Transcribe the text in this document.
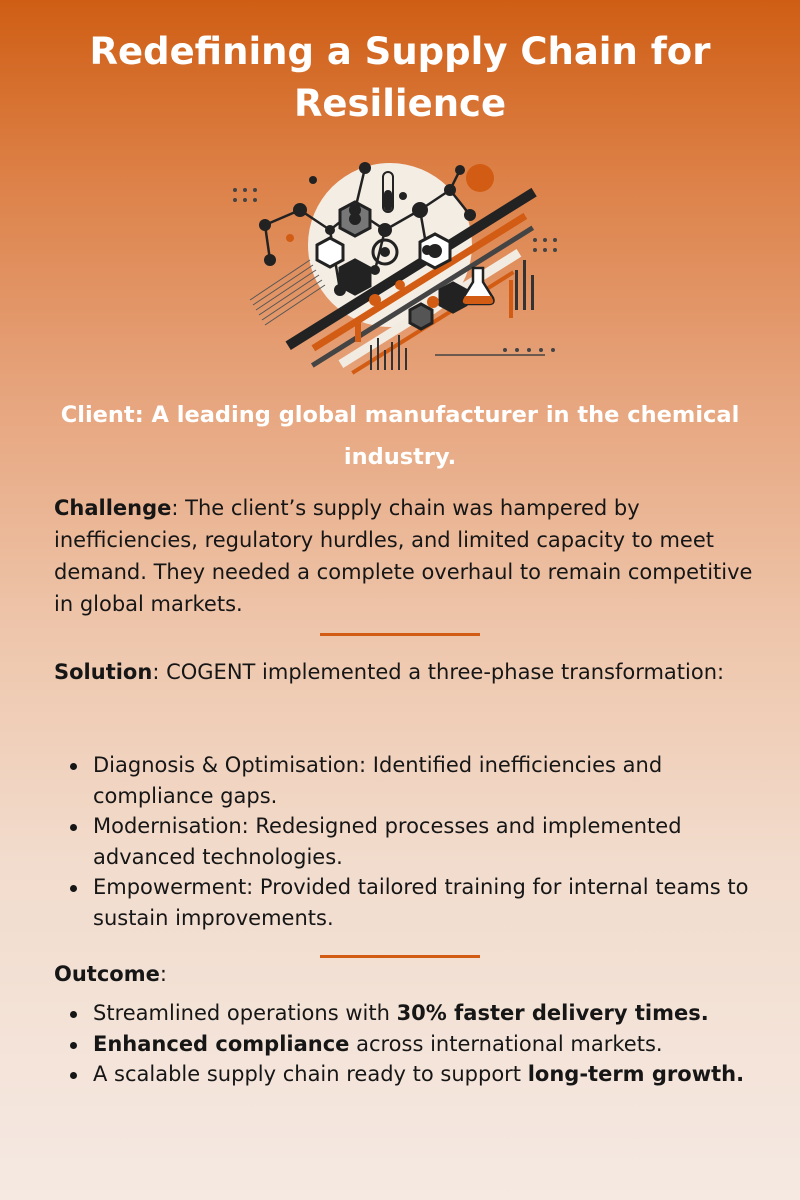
Redefining a Supply Chain for Resilience

Client: A leading global manufacturer in the chemical industry.

Challenge: The client’s supply chain was hampered by inefficiencies, regulatory hurdles, and limited capacity to meet demand. They needed a complete overhaul to remain competitive in global markets.

Solution: COGENT implemented a three-phase transformation:

Diagnosis & Optimisation: Identified inefficiencies and compliance gaps.
Modernisation: Redesigned processes and implemented advanced technologies.
Empowerment: Provided tailored training for internal teams to sustain improvements.

Outcome:

Streamlined operations with 30% faster delivery times.
Enhanced compliance across international markets.
A scalable supply chain ready to support long-term growth.
